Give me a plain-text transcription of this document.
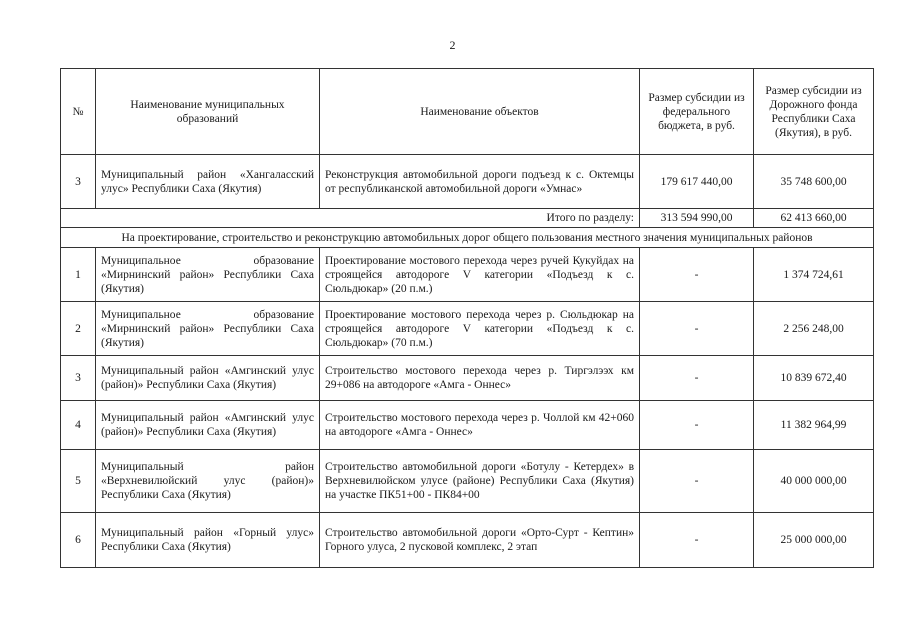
2
№	Наименование муниципальных образований	Наименование объектов	Размер субсидии из федерального бюджета, в руб.	Размер субсидии из Дорожного фонда Республики Саха (Якутия), в руб.
3	Муниципальный район «Хангаласский улус» Республики Саха (Якутия)	Реконструкция автомобильной дороги подъезд к с. Октемцы от республиканской автомобильной дороги «Умнас»	179 617 440,00	35 748 600,00
Итого по разделу:			313 594 990,00	62 413 660,00
На проектирование, строительство и реконструкцию автомобильных дорог общего пользования местного значения муниципальных районов				
1	Муниципальное образование «Мирнинский район» Республики Саха (Якутия)	Проектирование мостового перехода через ручей Кукуйдах на строящейся автодороге V категории «Подъезд к с. Сюльдюкар» (20 п.м.)	-	1 374 724,61
2	Муниципальное образование «Мирнинский район» Республики Саха (Якутия)	Проектирование мостового перехода через р. Сюльдюкар на строящейся автодороге V категории «Подъезд к с. Сюльдюкар» (70 п.м.)	-	2 256 248,00
3	Муниципальный район «Амгинский улус (район)» Республики Саха (Якутия)	Строительство мостового перехода через р. Тиргэлээх км 29+086 на автодороге «Амга - Оннес»	-	10 839 672,40
4	Муниципальный район «Амгинский улус (район)» Республики Саха (Якутия)	Строительство мостового перехода через р. Чоллой км 42+060 на автодороге «Амга - Оннес»	-	11 382 964,99
5	Муниципальный район «Верхневилюйский улус (район)» Республики Саха (Якутия)	Строительство автомобильной дороги «Ботулу - Кетердех» в Верхневилюйском улусе (районе) Республики Саха (Якутия) на участке ПК51+00 - ПК84+00	-	40 000 000,00
6	Муниципальный район «Горный улус» Республики Саха (Якутия)	Строительство автомобильной дороги «Орто-Сурт - Кептин» Горного улуса, 2 пусковой комплекс, 2 этап	-	25 000 000,00
